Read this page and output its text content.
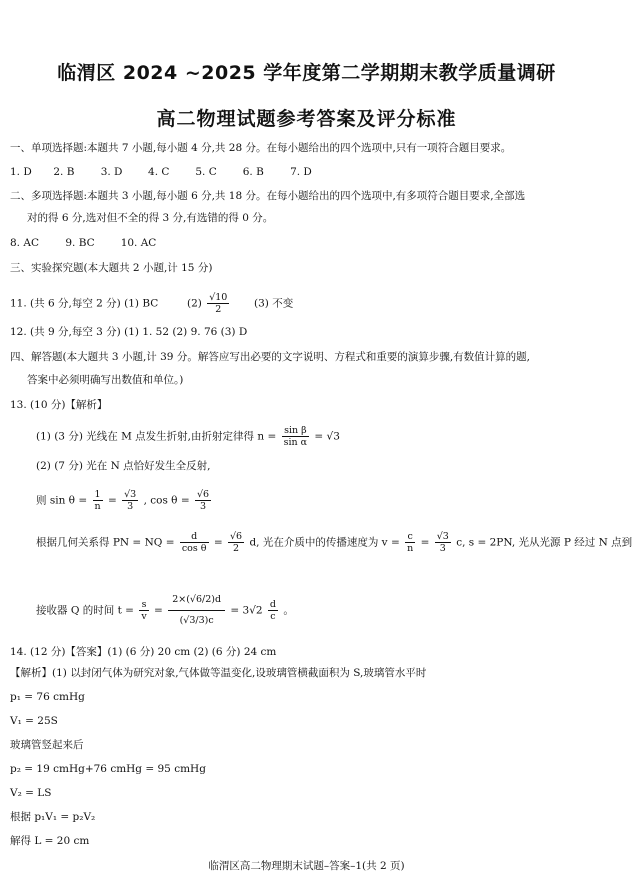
临渭区 2024 ~2025 学年度第二学期期末教学质量调研
高二物理试题参考答案及评分标准
一、单项选择题:本题共 7 小题,每小题 4 分,共 28 分。在每小题给出的四个选项中,只有一项符合题目要求。
1. D 2. B	3. D 4. C 5. C 6. B	7. D
二、多项选择题:本题共 3 小题,每小题 6 分,共 18 分。在每小题给出的四个选项中,有多项符合题目要求,全部选
对的得 6 分,选对但不全的得 3 分,有选错的得 0 分。
8. AC	9. BC 10. AC
三、实验探究题(本大题共 2 小题,计 15 分)
11. (共 6 分,每空 2 分) (1) BC	$(2) \frac{√10}{2} (3)$ 不变
12. (共 9 分,每空 3 分) (1) 1. 52 (2) 9. 76 (3) D
四、解答题(本大题共 3 小题,计 39 分。解答应写出必要的文字说明、方程式和重要的演算步骤,有数值计算的题,
答案中必须明确写出数值和单位。)
13. (10 分)【解析】
(1) (3 分) 光线在 M 点发生折射,由折射定律得 $n = \frac{\text{sin β}}{\text{sin α}} = √3$
(2) (7 分) 光在 N 点恰好发生全反射,
则 $\sin \theta = \frac{1}{n} = \frac{√3}{3}$ , $\cos \theta = \frac{√6}{3}$
根据几何关系得 PN = NQ = $\frac{d}{\text{cos θ}} = \frac{√6}{2} d$, 光在介质中的传播速度为 $v = \frac{c}{n} = \frac{√3}{3} c$, s = 2PN, 光从光源 P 经过 N 点到
接收器 Q 的时间 $t = \frac{s}{v} = \frac{2\times(√6/2)d}{(√3/3)c} = 3√2 \frac{d}{c}$ 。
14. (12 分)【答案】(1) (6 分) 20 cm (2) (6 分) 24 cm
【解析】(1) 以封闭气体为研究对象,气体做等温变化,设玻璃管横截面积为 S,玻璃管水平时
p₁ = 76 cmHg
V₁ = 25S
玻璃管竖起来后
p₂ = 19 cmHg+76 cmHg = 95 cmHg
V₂ = LS
根据 p₁V₁ = p₂V₂
解得 L = 20 cm
临渭区高二物理期末试题–答案–1(共 2 页)
